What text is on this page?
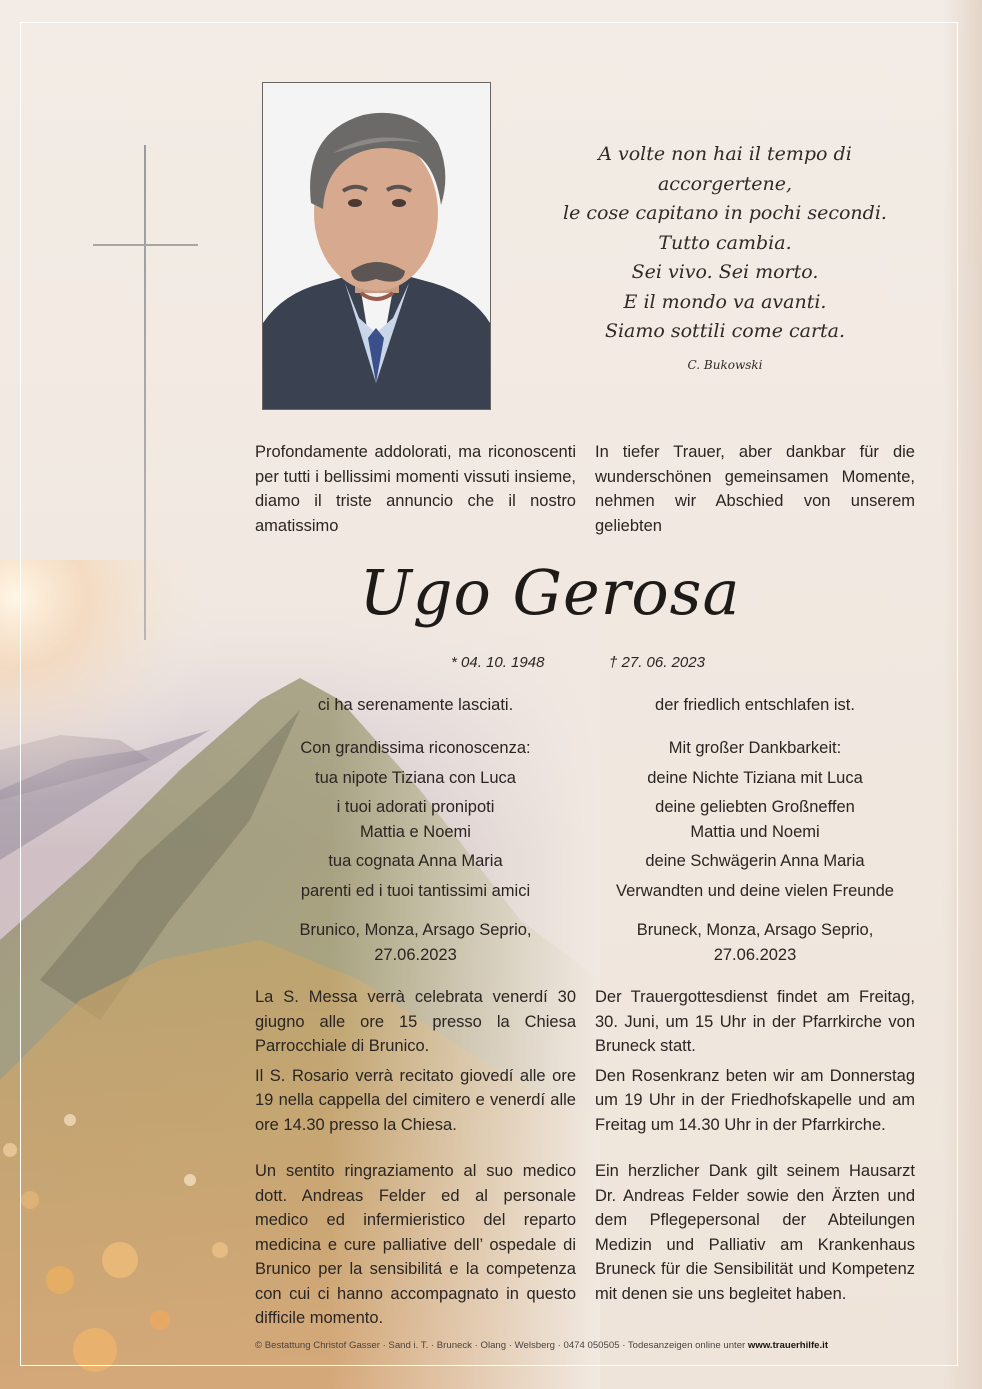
A volte non hai il tempo di accorgertene,
le cose capitano in pochi secondi.
Tutto cambia.
Sei vivo. Sei morto.
E il mondo va avanti.
Siamo sottili come carta.
C. Bukowski
Profondamente addolorati, ma riconoscenti per tutti i bellissimi momenti vissuti insieme, diamo il triste annuncio che il nostro amatissimo
In tiefer Trauer, aber dankbar für die wunderschönen gemeinsamen Momente, nehmen wir Abschied von unserem geliebten
Ugo Gerosa
* 04. 10. 1948	† 27. 06. 2023
ci ha serenamente lasciati.	der friedlich entschlafen ist.
Con grandissima riconoscenza:
tua nipote Tiziana con Luca
i tuoi adorati pronipoti
Mattia e Noemi
tua cognata Anna Maria
parenti ed i tuoi tantissimi amici
Mit großer Dankbarkeit:
deine Nichte Tiziana mit Luca
deine geliebten Großneffen
Mattia und Noemi
deine Schwägerin Anna Maria
Verwandten und deine vielen Freunde
Brunico, Monza, Arsago Seprio,
27.06.2023
Bruneck, Monza, Arsago Seprio,
27.06.2023

La S. Messa verrà celebrata venerdí 30 giugno alle ore 15 presso la Chiesa Parrocchiale di Brunico.

Il S. Rosario verrà recitato giovedí alle ore 19 nella cappella del cimitero e venerdí alle ore 14.30 presso la Chiesa.

Der Trauergottesdienst findet am Freitag, 30. Juni, um 15 Uhr in der Pfarrkirche von Bruneck statt.

Den Rosenkranz beten wir am Donnerstag um 19 Uhr in der Friedhofskapelle und am Freitag um 14.30 Uhr in der Pfarrkirche.

Un sentito ringraziamento al suo medico dott. Andreas Felder ed al personale medico ed infermieristico del reparto medicina e cure palliative dell’ ospedale di Brunico per la sensibilitá e la competenza con cui ci hanno accompagnato in questo difficile momento.
Ein herzlicher Dank gilt seinem Hausarzt Dr. Andreas Felder sowie den Ärzten und dem Pflegepersonal der Abteilungen Medizin und Palliativ am Krankenhaus Bruneck für die Sensibilität und Kompetenz mit denen sie uns begleitet haben.
© Bestattung Christof Gasser · Sand i. T. · Bruneck · Olang · Welsberg · 0474 050505 · Todesanzeigen online unter www.trauerhilfe.it
